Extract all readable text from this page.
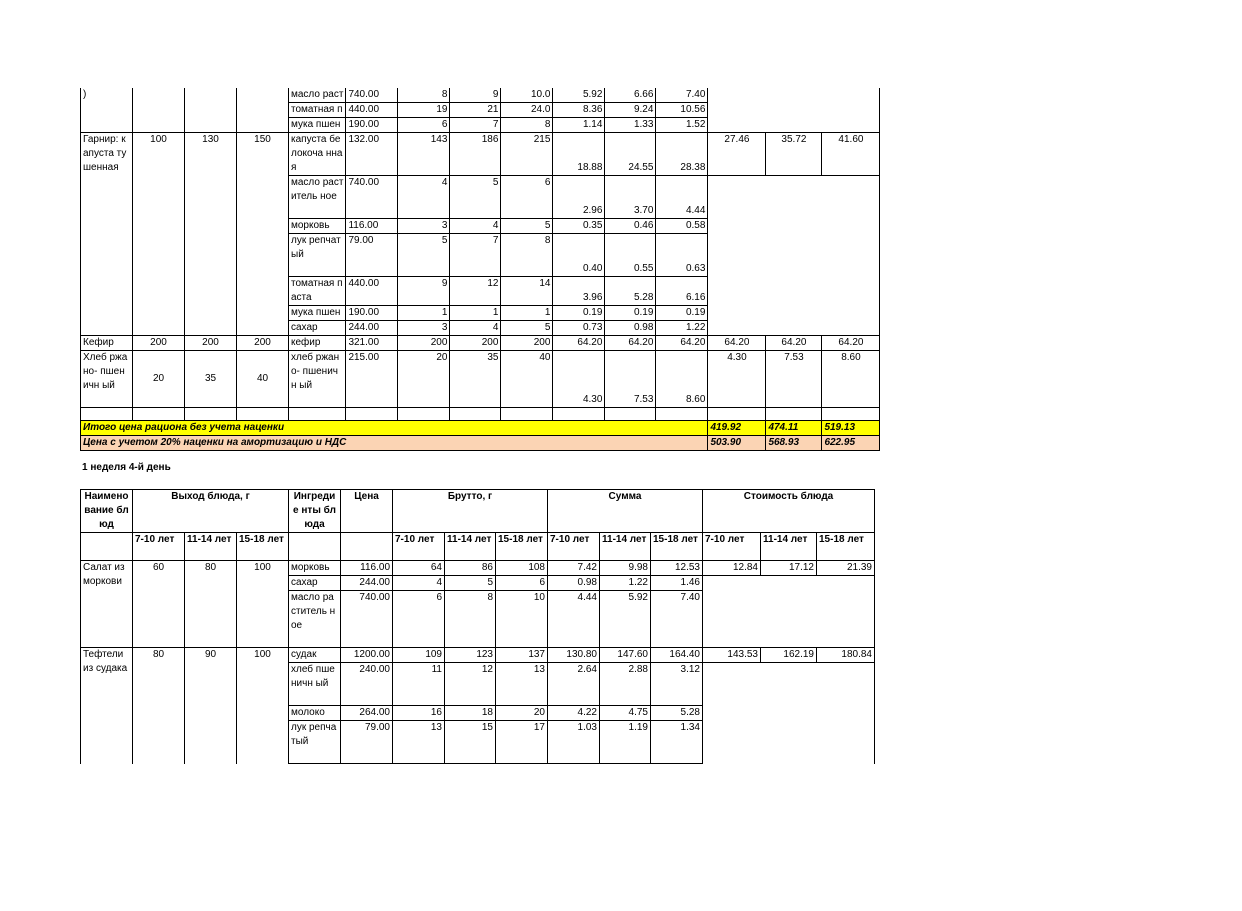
)				масло раст	740.00	8	9	10.0	5.92	6.66	7.40			
				томатная п	440.00	19	21	24.0	8.36	9.24	10.56			
				мука пшен	190.00	6	7	8	1.14	1.33	1.52			
Гарнир: капуста тушенная	100	130	150	капуста белокоча нная	132.00	143	186	215	18.88	24.55	28.38	27.46	35.72	41.60
				масло раститель ное	740.00	4	5	6	2.96	3.70	4.44			
				морковь	116.00	3	4	5	0.35	0.46	0.58			
				лук репчатый	79.00	5	7	8	0.40	0.55	0.63			
				томатная паста	440.00	9	12	14	3.96	5.28	6.16			
				мука пшен	190.00	1	1	1	0.19	0.19	0.19			
				сахар	244.00	3	4	5	0.73	0.98	1.22			

Кефир	200	200	200	кефир	321.00	200	200	200	64.20	64.20	64.20	64.20	64.20	64.20
Хлеб ржано- пшеничн ый	20	35	40	хлеб ржано- пшеничн ый	215.00	20	35	40	4.30	7.53	8.60	4.30	7.53	8.60

Итого цена рациона без учета наценки												419.92	474.11	519.13
Цена с учетом 20% наценки на амортизацию и НДС												503.90	568.93	622.95
1 неделя 4-й день
Наимено вание блюд	Выход блюда, г			Ингредие нты блюда	Цена	Брутто, г			Сумма			Стоимость блюда		
	7-10 лет	11-14 лет	15-18 лет			7-10 лет	11-14 лет	15-18 лет	7-10 лет	11-14 лет	15-18 лет	7-10 лет	11-14 лет	15-18 лет
Салат из моркови	60	80	100	морковь	116.00	64	86	108	7.42	9.98	12.53	12.84	17.12	21.39
				сахар	244.00	4	5	6	0.98	1.22	1.46			
				масло раститель ное	740.00	6	8	10	4.44	5.92	7.40			
Тефтели из судака	80	90	100	судак	1200.00	109	123	137	130.80	147.60	164.40	143.53	162.19	180.84
				хлеб пшеничн ый	240.00	11	12	13	2.64	2.88	3.12			
				молоко	264.00	16	18	20	4.22	4.75	5.28			
				лук репчатый	79.00	13	15	17	1.03	1.19	1.34			
